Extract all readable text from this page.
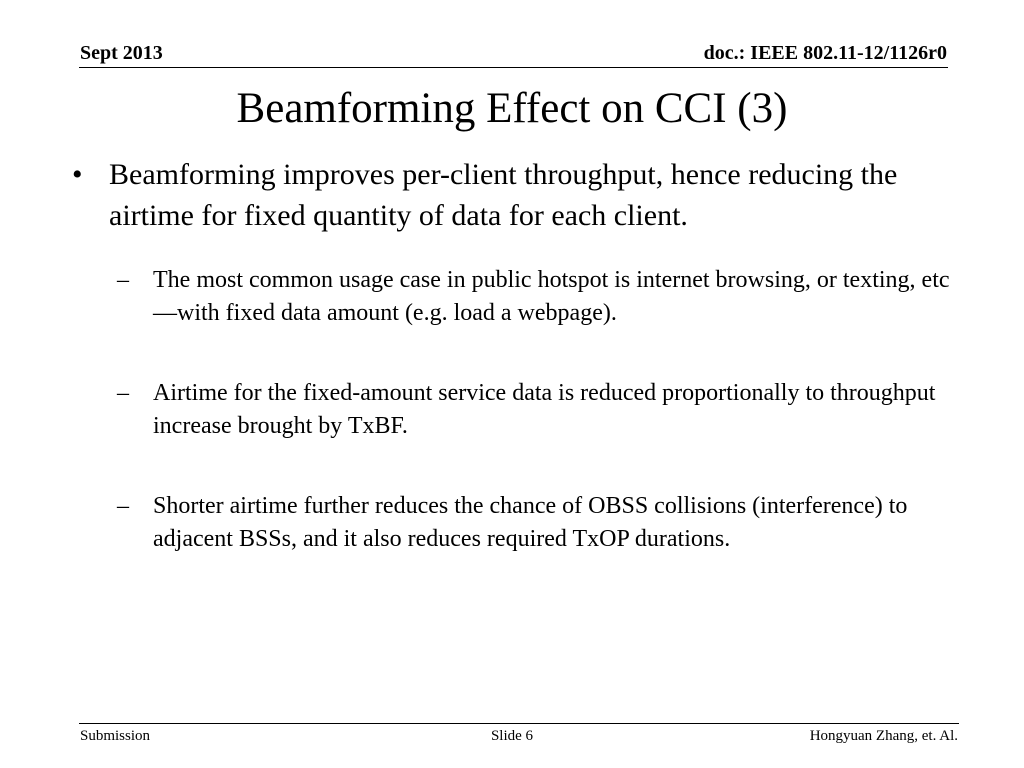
Sept 2013	doc.: IEEE 802.11-12/1126r0
Beamforming Effect on CCI (3)
• Beamforming improves per-client throughput, hence reducing the airtime for fixed quantity of data for each client.
– The most common usage case in public hotspot is internet browsing, or texting, etc—with fixed data amount (e.g. load a webpage).
– Airtime for the fixed-amount service data is reduced proportionally to throughput increase brought by TxBF.
– Shorter airtime further reduces the chance of OBSS collisions (interference) to adjacent BSSs, and it also reduces required TxOP durations.
Submission	Slide 6	Hongyuan Zhang, et. Al.
